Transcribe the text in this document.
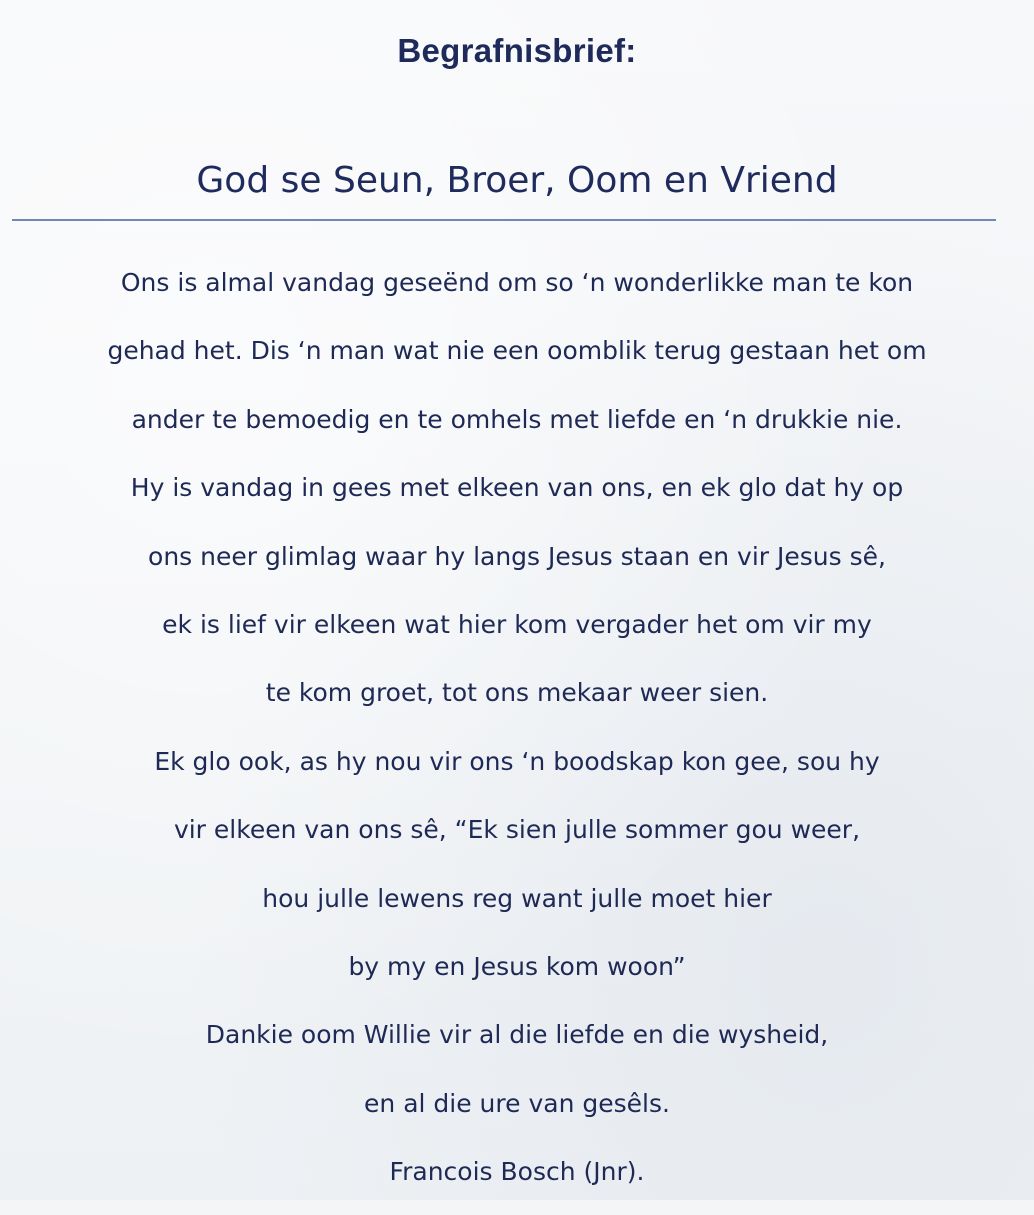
Begrafnisbrief:
God se Seun, Broer, Oom en Vriend
Ons is almal vandag geseënd om so ‘n wonderlikke man te kon
gehad het. Dis ‘n man wat nie een oomblik terug gestaan het om
ander te bemoedig en te omhels met liefde en ‘n drukkie nie.
Hy is vandag in gees met elkeen van ons, en ek glo dat hy op
ons neer glimlag waar hy langs Jesus staan en vir Jesus sê,
ek is lief vir elkeen wat hier kom vergader het om vir my
te kom groet, tot ons mekaar weer sien.
Ek glo ook, as hy nou vir ons ‘n boodskap kon gee, sou hy
vir elkeen van ons sê, “Ek sien julle sommer gou weer,
hou julle lewens reg want julle moet hier
by my en Jesus kom woon”
Dankie oom Willie vir al die liefde en die wysheid,
en al die ure van gesêls.
Francois Bosch (Jnr).
